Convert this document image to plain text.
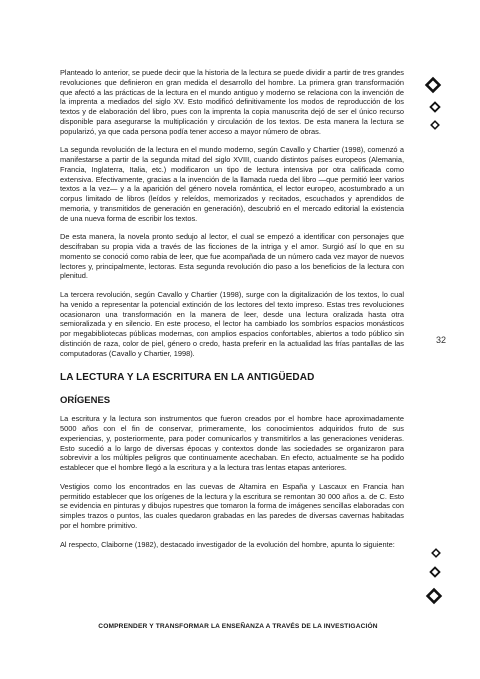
Planteado lo anterior, se puede decir que la historia de la lectura se puede dividir a partir de tres grandes revoluciones que definieron en gran medida el desarrollo del hombre. La primera gran transformación que afectó a las prácticas de la lectura en el mundo antiguo y moderno se relaciona con la invención de la imprenta a mediados del siglo XV. Esto modificó definitivamente los modos de reproducción de los textos y de elaboración del libro, pues con la imprenta la copia manuscrita dejó de ser el único recurso disponible para asegurarse la multiplicación y circulación de los textos. De esta manera la lectura se popularizó, ya que cada persona podía tener acceso a mayor número de obras.

La segunda revolución de la lectura en el mundo moderno, según Cavallo y Chartier (1998), comenzó a manifestarse a partir de la segunda mitad del siglo XVIII, cuando distintos países europeos (Alemania, Francia, Inglaterra, Italia, etc.) modificaron un tipo de lectura intensiva por otra calificada como extensiva. Efectivamente, gracias a la invención de la llamada rueda del libro —que permitió leer varios textos a la vez— y a la aparición del género novela romántica, el lector europeo, acostumbrado a un corpus limitado de libros (leídos y releídos, memorizados y recitados, escuchados y aprendidos de memoria, y transmitidos de generación en generación), descubrió en el mercado editorial la existencia de una nueva forma de escribir los textos.

De esta manera, la novela pronto sedujo al lector, el cual se empezó a identificar con personajes que descifraban su propia vida a través de las ficciones de la intriga y el amor. Surgió así lo que en su momento se conoció como rabia de leer, que fue acompañada de un número cada vez mayor de nuevos lectores y, principalmente, lectoras. Esta segunda revolución dio paso a los beneficios de la lectura con plenitud.

La tercera revolución, según Cavallo y Chartier (1998), surge con la digitalización de los textos, lo cual ha venido a representar la potencial extinción de los lectores del texto impreso. Estas tres revoluciones ocasionaron una transformación en la manera de leer, desde una lectura oralizada hasta otra semioralizada y en silencio. En este proceso, el lector ha cambiado los sombríos espacios monásticos por megabibliotecas públicas modernas, con amplios espacios confortables, abiertos a todo público sin distinción de raza, color de piel, género o credo, hasta preferir en la actualidad las frías pantallas de las computadoras (Cavallo y Chartier, 1998).

LA LECTURA Y LA ESCRITURA EN LA ANTIGÜEDAD
ORÍGENES

La escritura y la lectura son instrumentos que fueron creados por el hombre hace aproximadamente 5000 años con el fin de conservar, primeramente, los conocimientos adquiridos fruto de sus experiencias, y, posteriormente, para poder comunicarlos y transmitirlos a las generaciones venideras. Esto sucedió a lo largo de diversas épocas y contextos donde las sociedades se organizaron para sobrevivir a los múltiples peligros que continuamente acechaban. En efecto, actualmente se ha podido establecer que el hombre llegó a la escritura y a la lectura tras lentas etapas anteriores.

Vestigios como los encontrados en las cuevas de Altamira en España y Lascaux en Francia han permitido establecer que los orígenes de la lectura y la escritura se remontan 30 000 años a. de C. Esto se evidencia en pinturas y dibujos rupestres que tomaron la forma de imágenes sencillas elaboradas con simples trazos o puntos, las cuales quedaron grabadas en las paredes de diversas cavernas habitadas por el hombre primitivo.

Al respecto, Claiborne (1982), destacado investigador de la evolución del hombre, apunta lo siguiente:

32
COMPRENDER Y TRANSFORMAR LA ENSEÑANZA A TRAVÉS DE LA INVESTIGACIÓN
